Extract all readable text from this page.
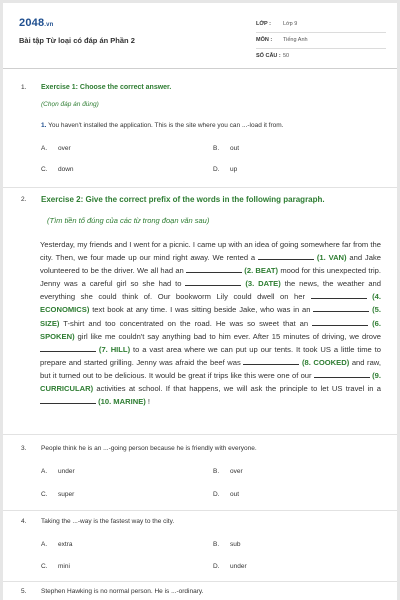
2048.vn
Bài tập Từ loại có đáp án Phần 2
LỚP :	Lớp 9
MÔN :	Tiếng Anh
SỐ CÂU : 50
1. Exercise 1: Choose the correct answer.
(Chọn đáp án đúng)
1. You haven't installed the application. This is the site where you can ...-load it from.
A. over	B. out
C. down	D. up
2. Exercise 2: Give the correct prefix of the words in the following paragraph.
(Tìm tiền tố đúng của các từ trong đoạn văn sau)
Yesterday, my friends and I went for a picnic. I came up with an idea of going somewhere far from the city. Then, we four made up our mind right away. We rented a	(1. VAN) and Jake volunteered to be the driver. We all had an	(2. BEAT) mood for this unexpected trip. Jenny was a careful girl so she had to	(3. DATE) the news, the weather and everything she could think of. Our bookworm Lily could dwell on her	(4. ECONOMICS) text book at any time. I was sitting beside Jake, who was in an	(5. SIZE) T-shirt and too concentrated on the road. He was so sweet that an	(6. SPOKEN) girl like me couldn't say anything bad to him ever. After 15 minutes of driving, we drove  (7. HILL) to a vast area where we can put up our tents. It took US a little time to prepare and started grilling. Jenny was afraid the beef was	(8. COOKED) and raw, but it turned out to be delicious. It would be great if trips like this were one of our	(9. CURRICULAR) activities at school. If that happens, we will ask the principle to let US travel in a  (10. MARINE) !
3. People think he is an ...-going person because he is friendly with everyone.
A. under	B. over
C. super	D. out
4. Taking the ...-way is the fastest way to the city.
A. extra	B. sub
C. mini	D. under
5. Stephen Hawking is no normal person. He is ...-ordinary.
